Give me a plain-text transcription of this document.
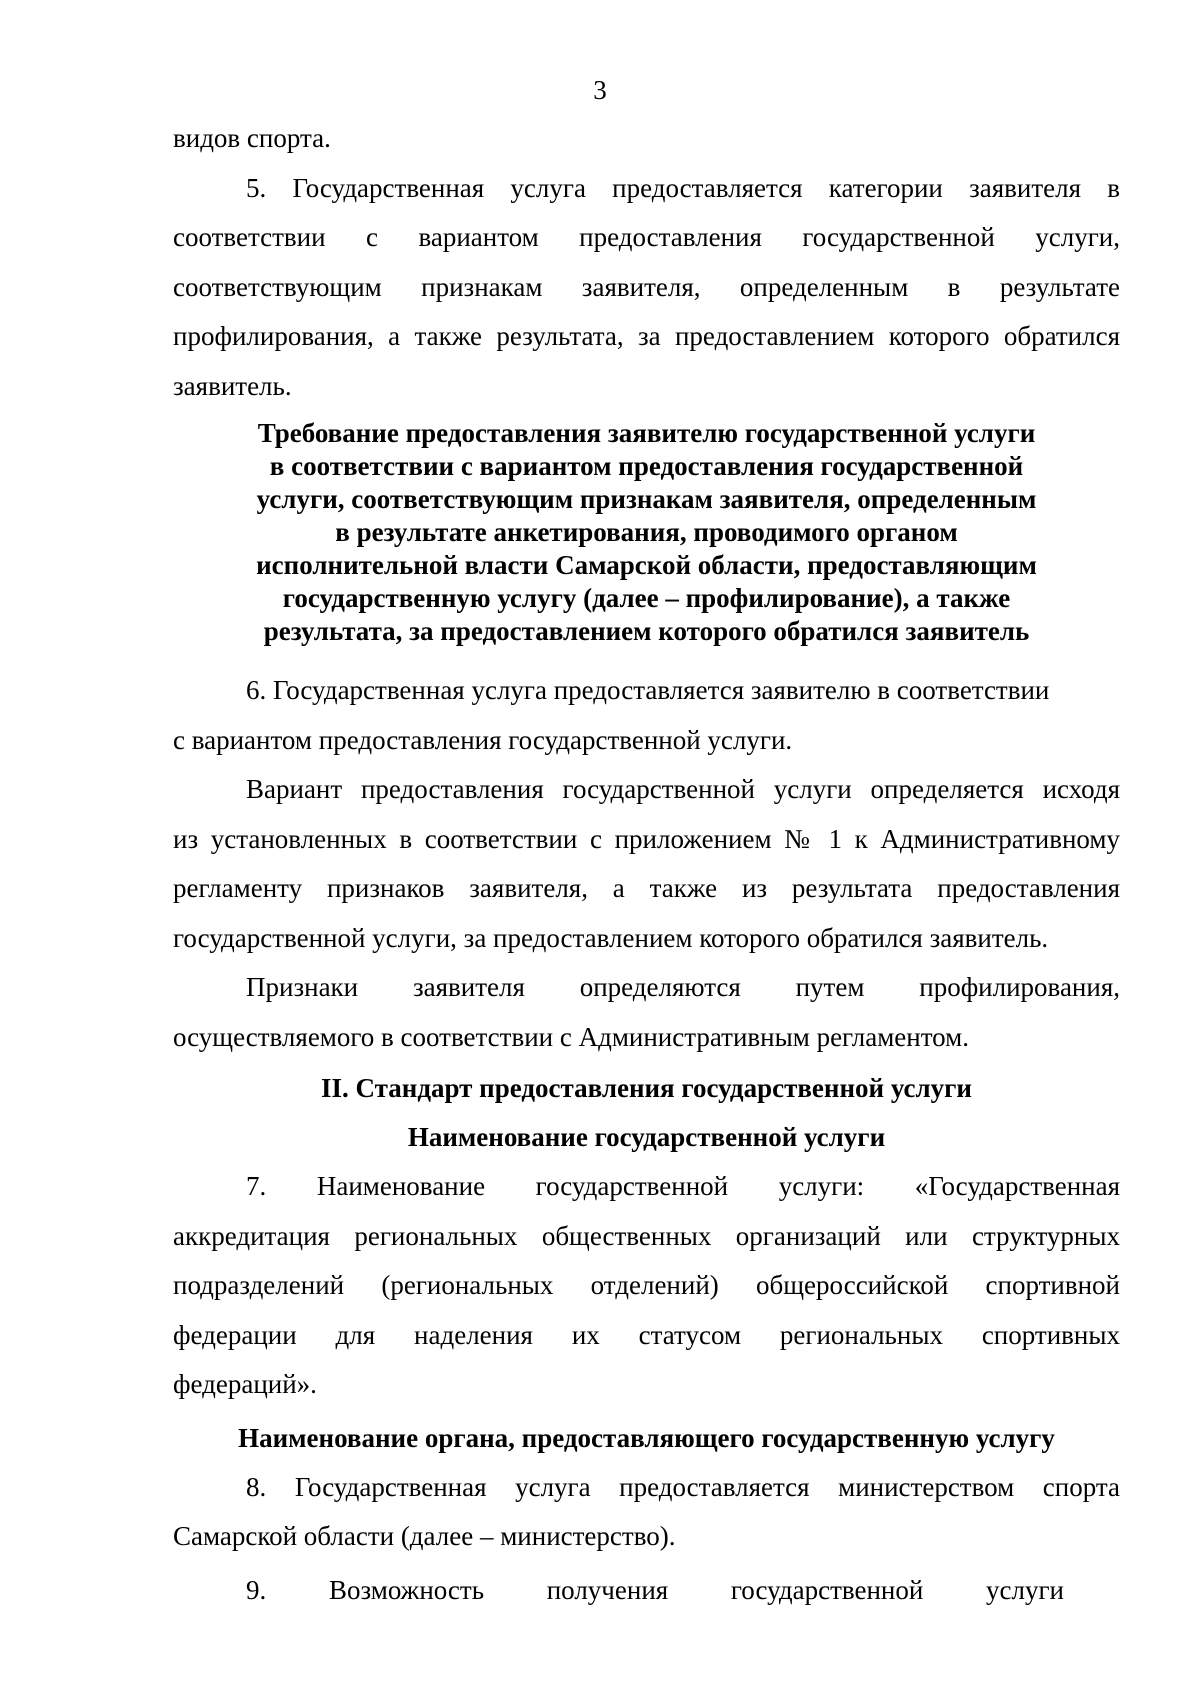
3

видов спорта.

5. Государственная услуга предоставляется категории заявителя в
соответствии с вариантом предоставления государственной услуги,
соответствующим признакам заявителя, определенным в результате
профилирования, а также результата, за предоставлением которого обратился
заявитель.

Требование предоставления заявителю государственной услуги
в соответствии с вариантом предоставления государственной
услуги, соответствующим признакам заявителя, определенным
в результате анкетирования, проводимого органом
исполнительной власти Самарской области, предоставляющим
государственную услугу (далее – профилирование), а также
результата, за предоставлением которого обратился заявитель

6. Государственная услуга предоставляется заявителю в соответствии
с вариантом предоставления государственной услуги.

Вариант предоставления государственной услуги определяется исходя
из установленных в соответствии с приложением № 1 к Административному
регламенту признаков заявителя, а также из результата предоставления
государственной услуги, за предоставлением которого обратился заявитель.

Признаки заявителя определяются путем профилирования,
осуществляемого в соответствии с Административным регламентом.

II. Стандарт предоставления государственной услуги
Наименование государственной услуги

7. Наименование государственной услуги: «Государственная
аккредитация региональных общественных организаций или структурных
подразделений (региональных отделений) общероссийской спортивной
федерации для наделения их статусом региональных спортивных
федераций».

Наименование органа, предоставляющего государственную услугу

8. Государственная услуга предоставляется министерством спорта
Самарской области (далее – министерство).

9. Возможность получения государственной услуги
